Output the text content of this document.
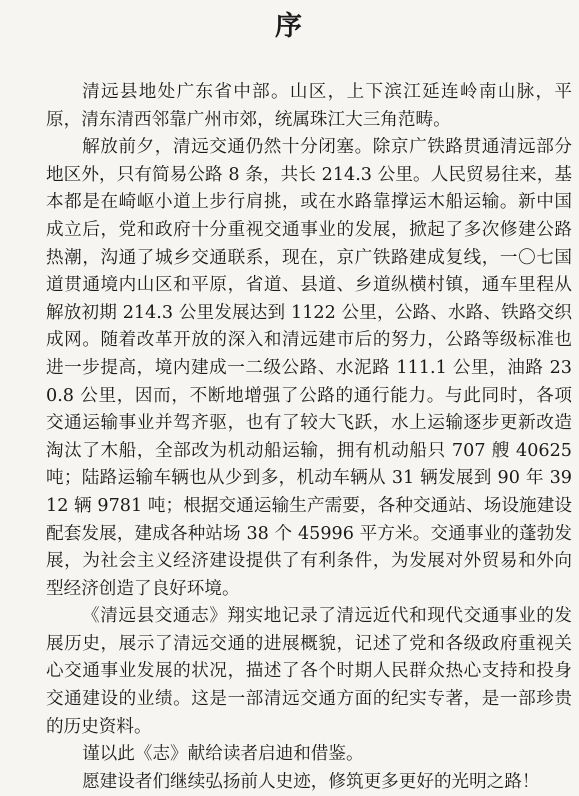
序

清远县地处广东省中部。山区，上下滨江延连岭南山脉，平原，清东清西邻靠广州市郊，统属珠江大三角范畴。

解放前夕，清远交通仍然十分闭塞。除京广铁路贯通清远部分地区外，只有简易公路 8 条，共长 214.3 公里。人民贸易往来，基本都是在崎岖小道上步行肩挑，或在水路靠撑运木船运输。新中国成立后，党和政府十分重视交通事业的发展，掀起了多次修建公路热潮，沟通了城乡交通联系，现在，京广铁路建成复线，一〇七国道贯通境内山区和平原，省道、县道、乡道纵横村镇，通车里程从解放初期 214.3 公里发展达到 1122 公里，公路、水路、铁路交织成网。随着改革开放的深入和清远建市后的努力，公路等级标准也进一步提高，境内建成一二级公路、水泥路 111.1 公里，油路 230.8 公里，因而，不断地增强了公路的通行能力。与此同时，各项交通运输事业并驾齐驱，也有了较大飞跃，水上运输逐步更新改造淘汰了木船，全部改为机动船运输，拥有机动船只 707 艘 40625 吨；陆路运输车辆也从少到多，机动车辆从 31 辆发展到 90 年 3912 辆 9781 吨；根据交通运输生产需要，各种交通站、场设施建设配套发展，建成各种站场 38 个 45996 平方米。交通事业的蓬勃发展，为社会主义经济建设提供了有利条件，为发展对外贸易和外向型经济创造了良好环境。

《清远县交通志》翔实地记录了清远近代和现代交通事业的发展历史，展示了清远交通的进展概貌，记述了党和各级政府重视关心交通事业发展的状况，描述了各个时期人民群众热心支持和投身交通建设的业绩。这是一部清远交通方面的纪实专著，是一部珍贵的历史资料。

谨以此《志》献给读者启迪和借鉴。

愿建设者们继续弘扬前人史迹，修筑更多更好的光明之路！
